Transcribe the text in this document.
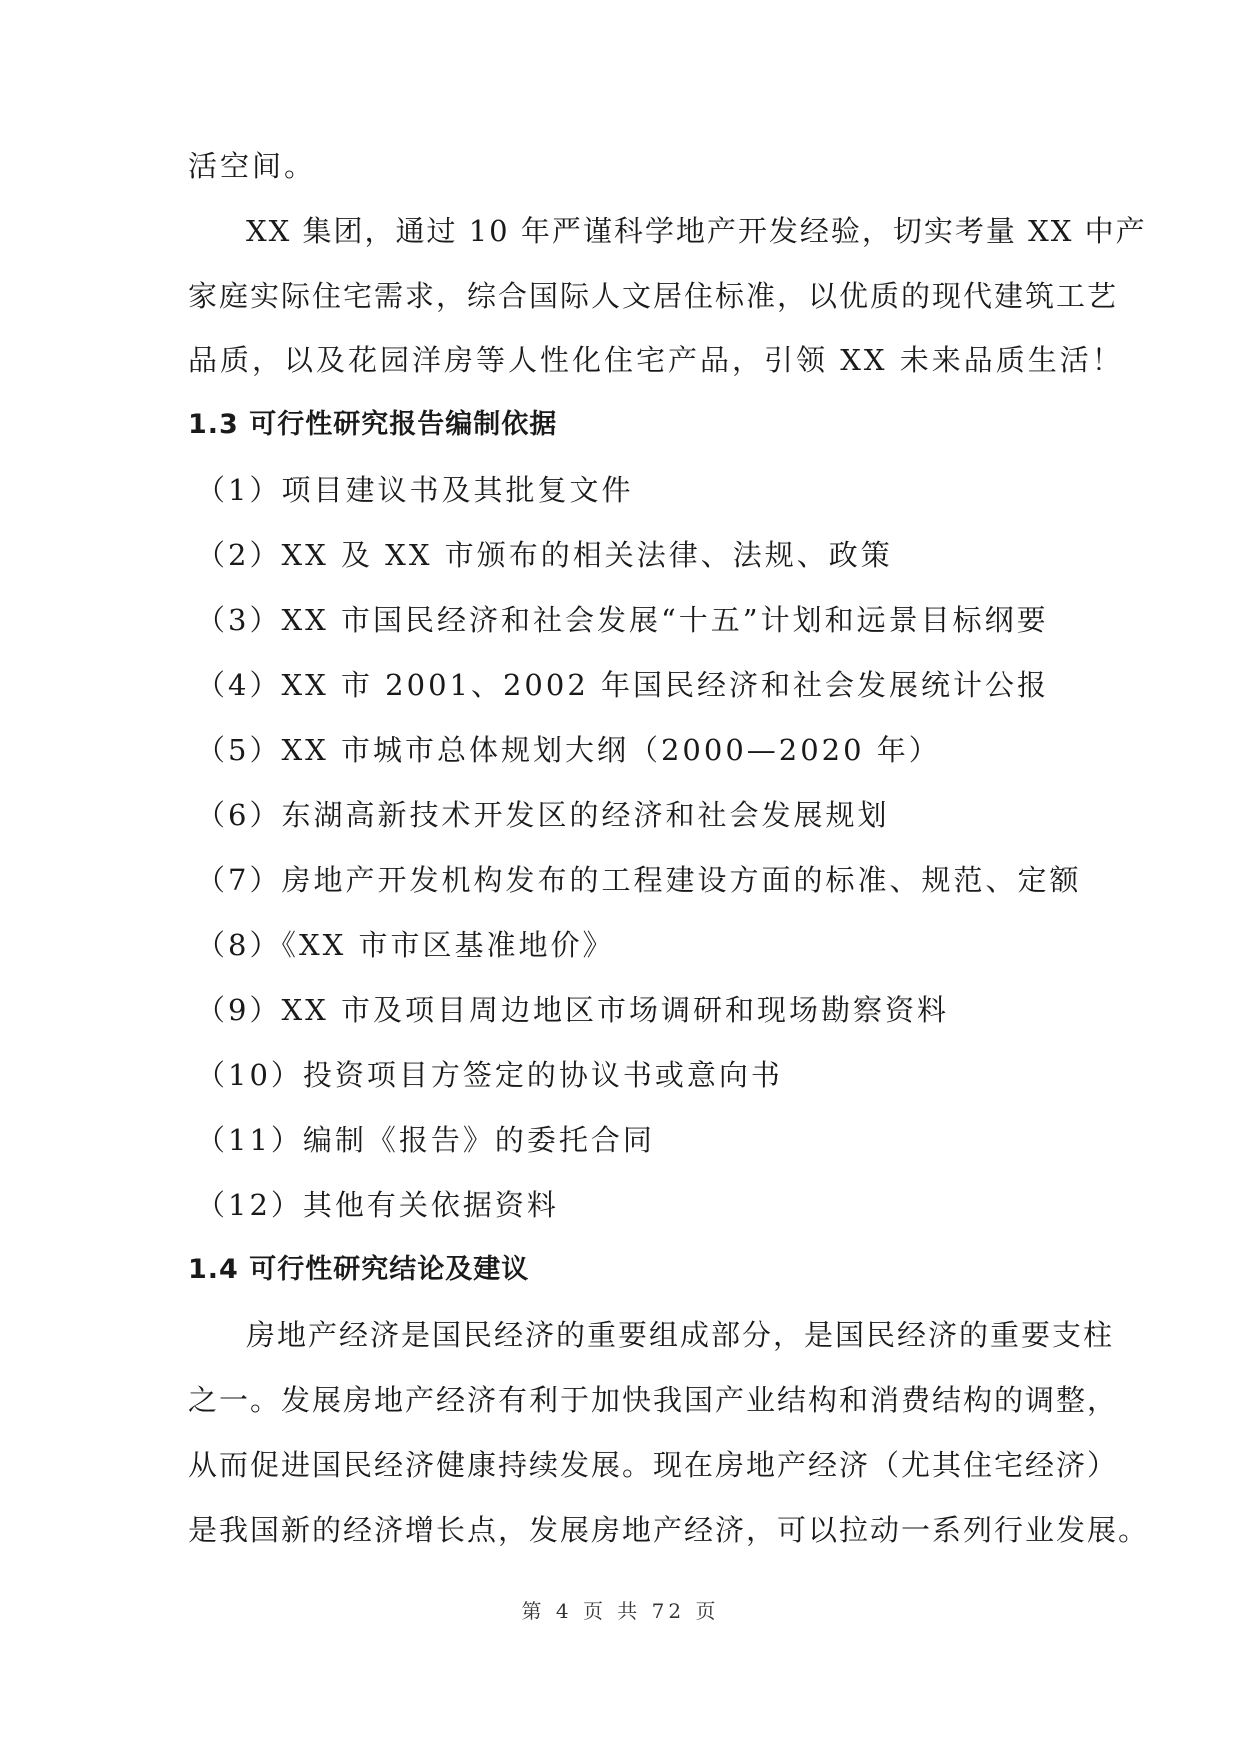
活空间。
XX 集团，通过 10 年严谨科学地产开发经验，切实考量 XX 中产
家庭实际住宅需求，综合国际人文居住标准，以优质的现代建筑工艺
品质，以及花园洋房等人性化住宅产品，引领 XX 未来品质生活！
1.3 可行性研究报告编制依据
（1）项目建议书及其批复文件
（2）XX 及 XX 市颁布的相关法律、法规、政策
（3）XX 市国民经济和社会发展“十五”计划和远景目标纲要
（4）XX 市 2001、2002 年国民经济和社会发展统计公报
（5）XX 市城市总体规划大纲（2000—2020 年）
（6）东湖高新技术开发区的经济和社会发展规划
（7）房地产开发机构发布的工程建设方面的标准、规范、定额
（8）《XX 市市区基准地价》
（9）XX 市及项目周边地区市场调研和现场勘察资料
（10）投资项目方签定的协议书或意向书
（11）编制《报告》的委托合同
（12）其他有关依据资料
1.4 可行性研究结论及建议
房地产经济是国民经济的重要组成部分，是国民经济的重要支柱
之一。发展房地产经济有利于加快我国产业结构和消费结构的调整，
从而促进国民经济健康持续发展。现在房地产经济（尤其住宅经济）
是我国新的经济增长点，发展房地产经济，可以拉动一系列行业发展。
第 4 页 共 72 页
